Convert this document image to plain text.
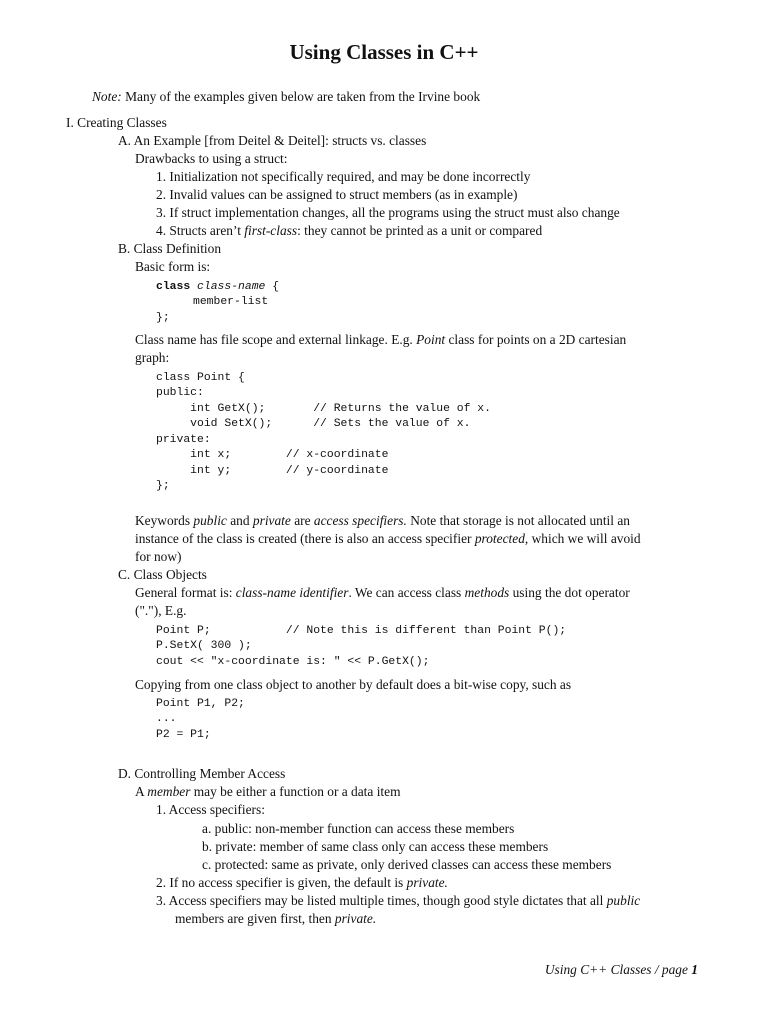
Using Classes in C++
Note: Many of the examples given below are taken from the Irvine book
I. Creating Classes
A. An Example [from Deitel & Deitel]: structs vs. classes
Drawbacks to using a struct:
1. Initialization not specifically required, and may be done incorrectly
2. Invalid values can be assigned to struct members (as in example)
3. If struct implementation changes, all the programs using the struct must also change
4. Structs aren’t first-class: they cannot be printed as a unit or compared
B. Class Definition
Basic form is:
class class-name {
member-list
};
Class name has file scope and external linkage. E.g. Point class for points on a 2D cartesian
graph:
class Point {
public:
int GetX();       // Returns the value of x.
void SetX();      // Sets the value of x.
private:
int x;        // x-coordinate
int y;        // y-coordinate
};
Keywords public and private are access specifiers. Note that storage is not allocated until an
instance of the class is created (there is also an access specifier protected, which we will avoid
for now)
C. Class Objects
General format is: class-name identifier. We can access class methods using the dot operator
("."), E.g.
Point P;           // Note this is different than Point P();
P.SetX( 300 );
cout << "x-coordinate is: " << P.GetX();
Copying from one class object to another by default does a bit-wise copy, such as
Point P1, P2;
...
P2 = P1;
D. Controlling Member Access
A member may be either a function or a data item
1. Access specifiers:
a. public: non-member function can access these members
b. private: member of same class only can access these members
c. protected: same as private, only derived classes can access these members
2. If no access specifier is given, the default is private.
3. Access specifiers may be listed multiple times, though good style dictates that all public
members are given first, then private.
Using C++ Classes / page 1
